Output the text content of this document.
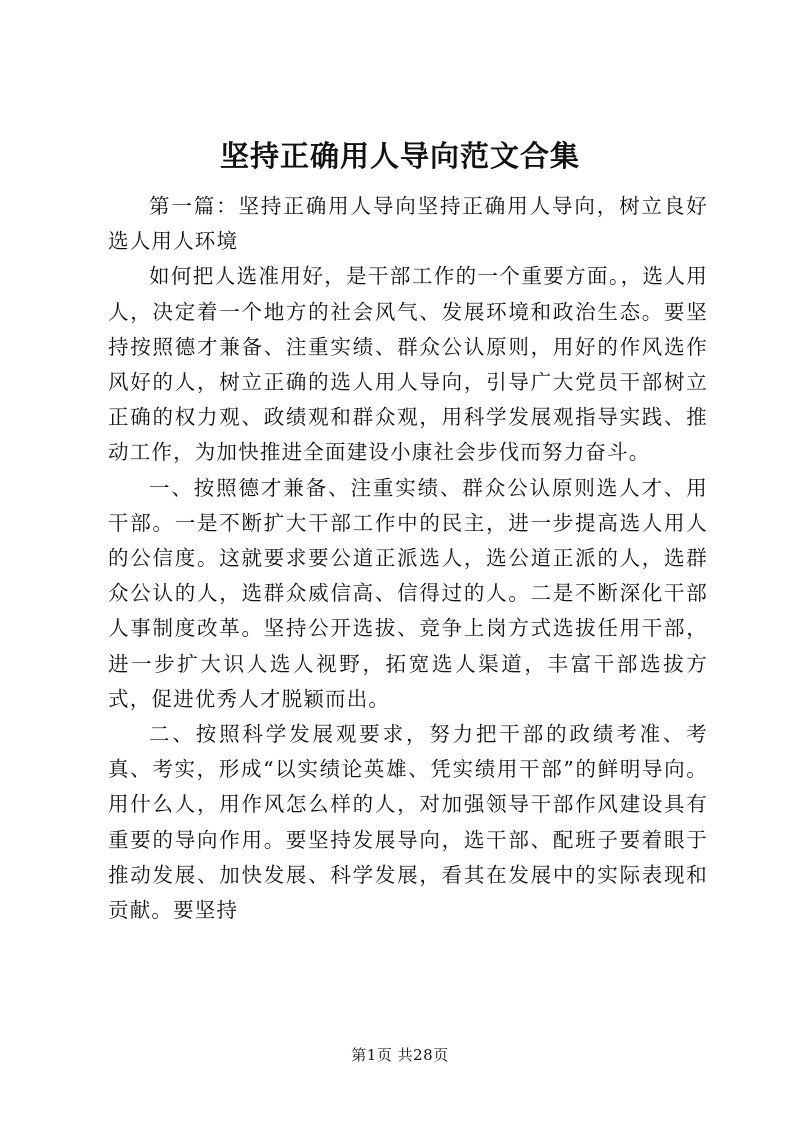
坚持正确用人导向范文合集

第一篇：坚持正确用人导向坚持正确用人导向，树立良好选人用人环境

如何把人选准用好，是干部工作的一个重要方面。，选人用人，决定着一个地方的社会风气、发展环境和政治生态。要坚持按照德才兼备、注重实绩、群众公认原则，用好的作风选作风好的人，树立正确的选人用人导向，引导广大党员干部树立正确的权力观、政绩观和群众观，用科学发展观指导实践、推动工作，为加快推进全面建设小康社会步伐而努力奋斗。

一、按照德才兼备、注重实绩、群众公认原则选人才、用干部。一是不断扩大干部工作中的民主，进一步提高选人用人的公信度。这就要求要公道正派选人，选公道正派的人，选群众公认的人，选群众威信高、信得过的人。二是不断深化干部人事制度改革。坚持公开选拔、竞争上岗方式选拔任用干部，进一步扩大识人选人视野，拓宽选人渠道，丰富干部选拔方式，促进优秀人才脱颖而出。

二、按照科学发展观要求，努力把干部的政绩考准、考真、考实，形成“以实绩论英雄、凭实绩用干部”的鲜明导向。用什么人，用作风怎么样的人，对加强领导干部作风建设具有重要的导向作用。要坚持发展导向，选干部、配班子要着眼于推动发展、加快发展、科学发展，看其在发展中的实际表现和贡献。要坚持

第1页 共28页
